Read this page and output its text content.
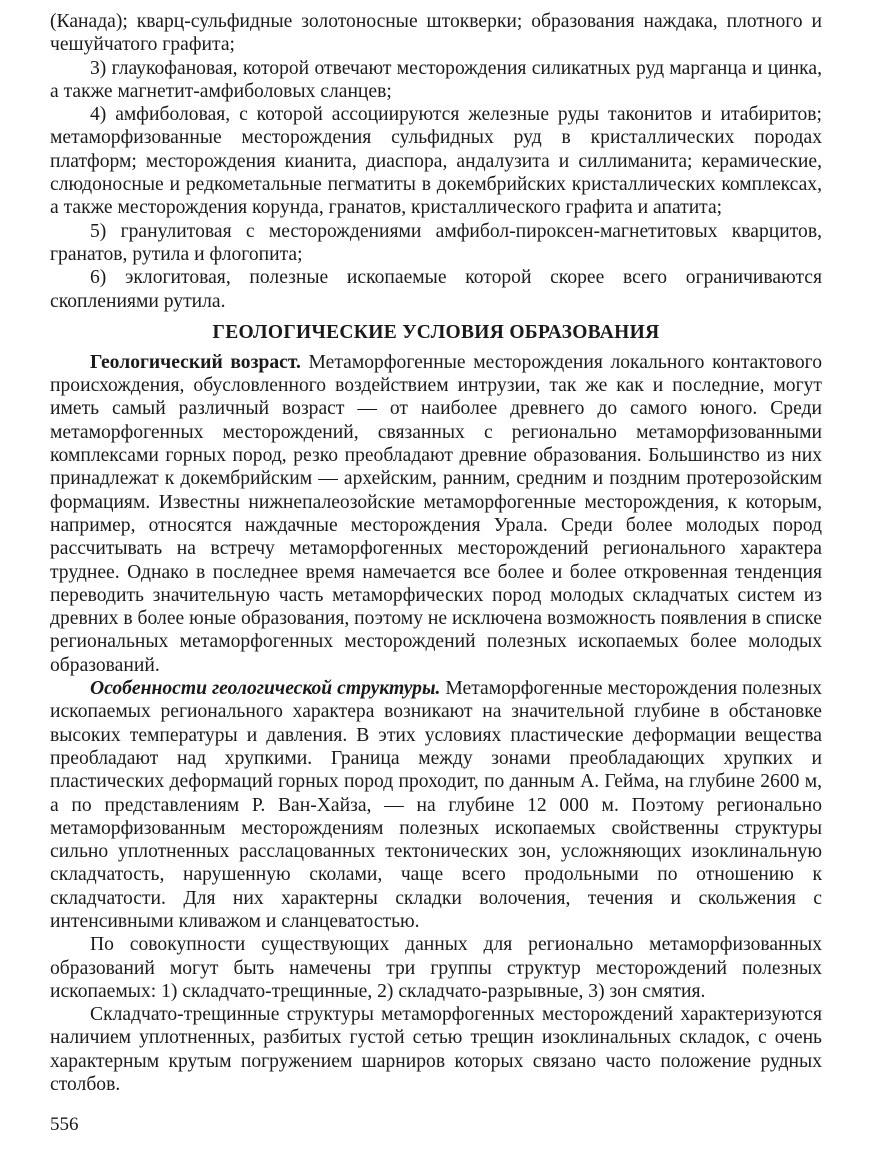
(Канада); кварц-сульфидные золотоносные штокверки; образования наждака, плотного и чешуйчатого графита;

3) глаукофановая, которой отвечают месторождения силикатных руд марганца и цинка, а также магнетит-амфиболовых сланцев;

4) амфиболовая, с которой ассоциируются железные руды таконитов и итабиритов; метаморфизованные месторождения сульфидных руд в кристаллических породах платформ; месторождения кианита, диаспора, андалузита и силлиманита; керамические, слюдоносные и редкометальные пегматиты в докембрийских кристаллических комплексах, а также месторождения корунда, гранатов, кристаллического графита и апатита;

5) гранулитовая с месторождениями амфибол-пироксен-магнетитовых кварцитов, гранатов, рутила и флогопита;

6) эклогитовая, полезные ископаемые которой скорее всего ограничиваются скоплениями рутила.

ГЕОЛОГИЧЕСКИЕ УСЛОВИЯ ОБРАЗОВАНИЯ

Геологический возраст. Метаморфогенные месторождения локального контактового происхождения, обусловленного воздействием интрузии, так же как и последние, могут иметь самый различный возраст — от наиболее древнего до самого юного. Среди метаморфогенных месторождений, связанных с регионально метаморфизованными комплексами горных пород, резко преобладают древние образования. Большинство из них принадлежат к докембрийским — архейским, ранним, средним и поздним протерозойским формациям. Известны нижнепалеозойские метаморфогенные месторождения, к которым, например, относятся наждачные месторождения Урала. Среди более молодых пород рассчитывать на встречу метаморфогенных месторождений регионального характера труднее. Однако в последнее время намечается все более и более откровенная тенденция переводить значительную часть метаморфических пород молодых складчатых систем из древних в более юные образования, поэтому не исключена возможность появления в списке региональных метаморфогенных месторождений полезных ископаемых более молодых образований.

Особенности геологической структуры. Метаморфогенные месторождения полезных ископаемых регионального характера возникают на значительной глубине в обстановке высоких температуры и давления. В этих условиях пластические деформации вещества преобладают над хрупкими. Граница между зонами преобладающих хрупких и пластических деформаций горных пород проходит, по данным А. Гейма, на глубине 2600 м, а по представлениям Р. Ван-Хайза, — на глубине 12 000 м. Поэтому регионально метаморфизованным месторождениям полезных ископаемых свойственны структуры сильно уплотненных расслацованных тектонических зон, усложняющих изоклинальную складчатость, нарушенную сколами, чаще всего продольными по отношению к складчатости. Для них характерны складки волочения, течения и скольжения с интенсивными кливажом и сланцеватостью.

По совокупности существующих данных для регионально метаморфизованных образований могут быть намечены три группы структур месторождений полезных ископаемых: 1) складчато-трещинные, 2) складчато-разрывные, 3) зон смятия.

Складчато-трещинные структуры метаморфогенных месторождений характеризуются наличием уплотненных, разбитых густой сетью трещин изоклинальных складок, с очень характерным крутым погружением шарниров которых связано часто положение рудных столбов.

556
